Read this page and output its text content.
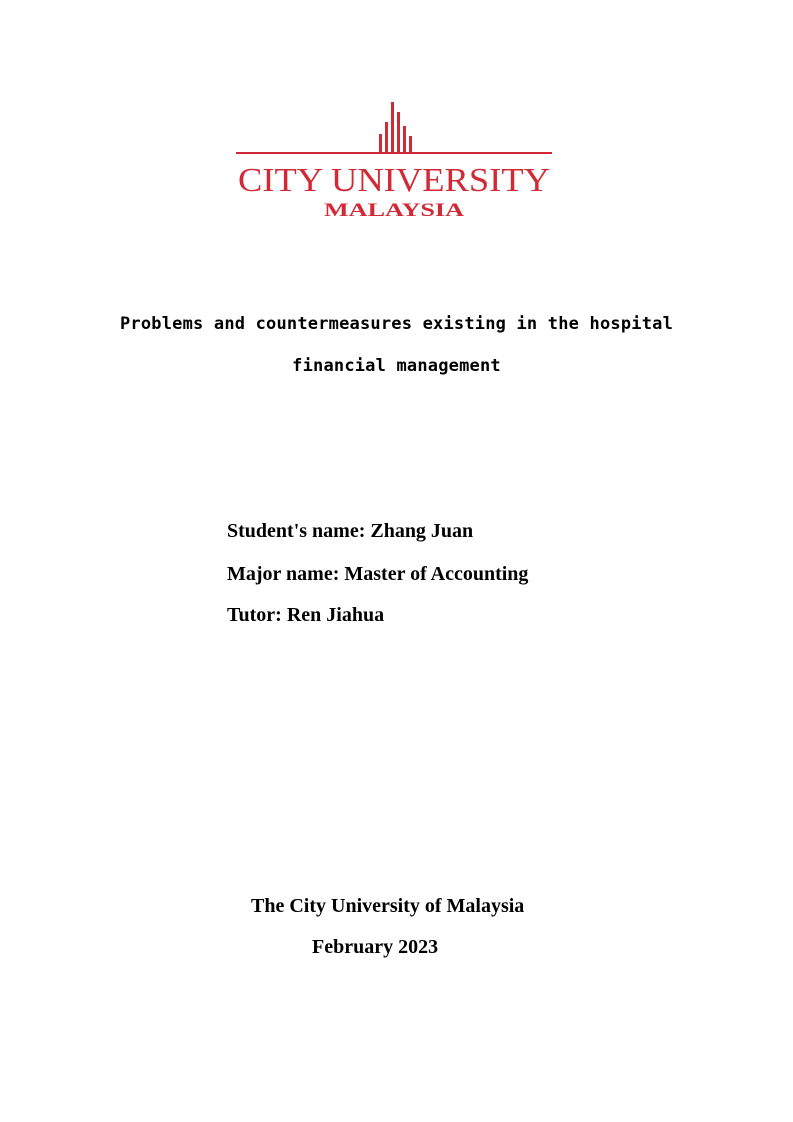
CITY UNIVERSITY
MALAYSIA
Problems and countermeasures existing in the hospital
financial management
Student's name: Zhang Juan
Major name: Master of Accounting
Tutor: Ren Jiahua
The City University of Malaysia
February 2023
